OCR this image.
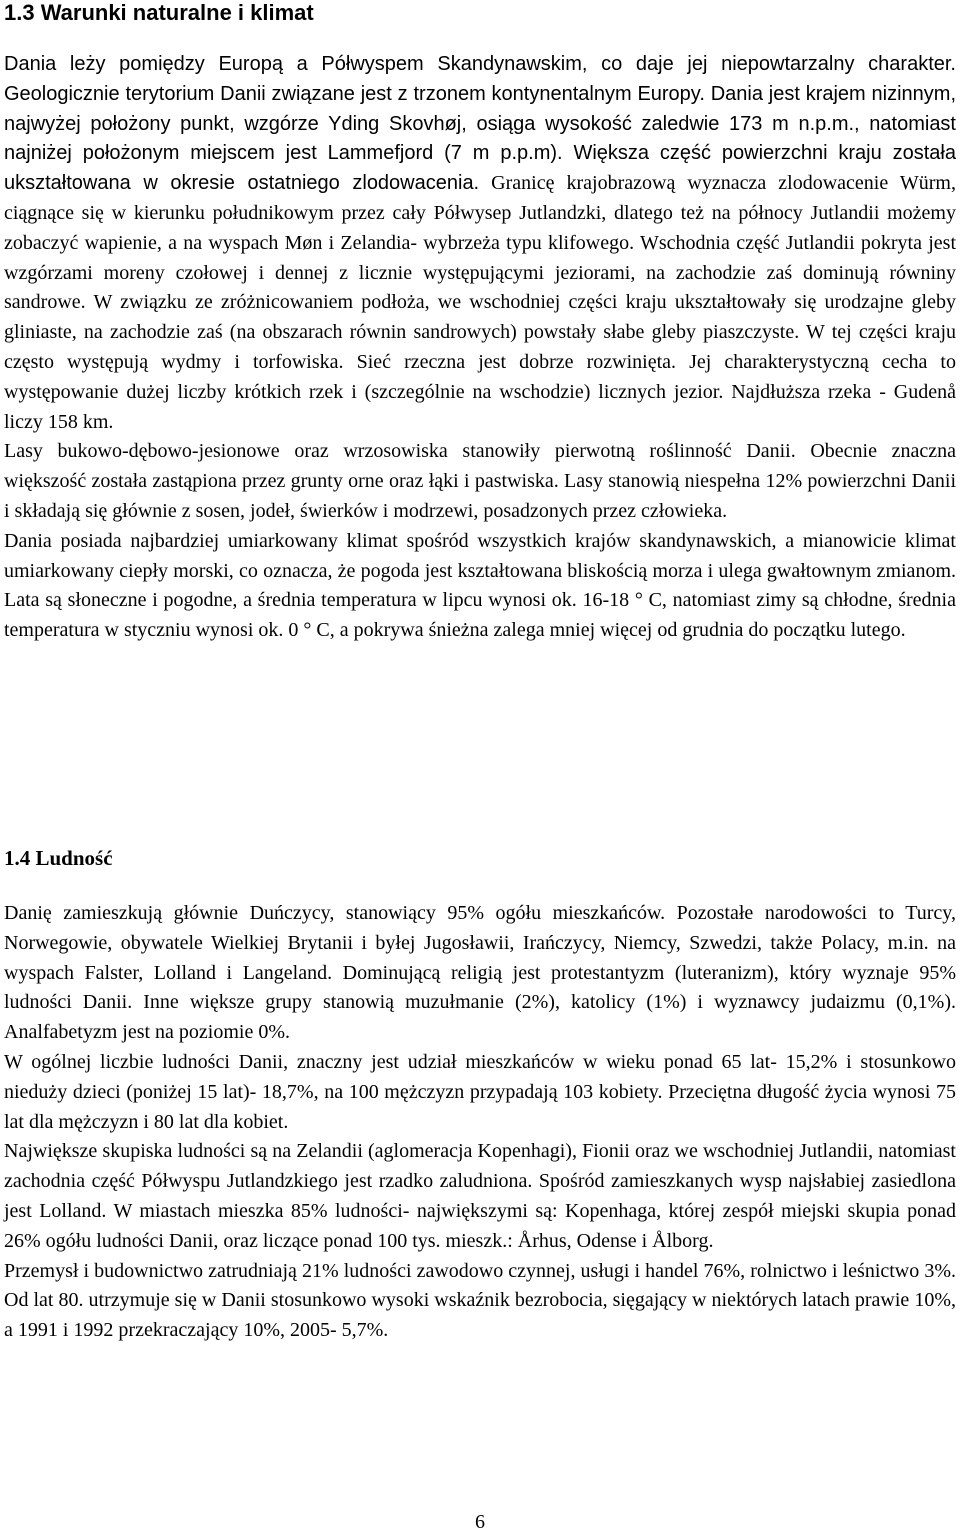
1.3 Warunki naturalne i klimat

Dania leży pomiędzy Europą a Półwyspem Skandynawskim, co daje jej niepowtarzalny charakter. Geologicznie terytorium Danii związane jest z trzonem kontynentalnym Europy. Dania jest krajem nizinnym, najwyżej położony punkt, wzgórze Yding Skovhøj, osiąga wysokość zaledwie 173 m n.p.m., natomiast najniżej położonym miejscem jest Lammefjord (7 m p.p.m). Większa część powierzchni kraju została ukształtowana w okresie ostatniego zlodowacenia. Granicę krajobrazową wyznacza zlodowacenie Würm, ciągnące się w kierunku południkowym przez cały Półwysep Jutlandzki, dlatego też na północy Jutlandii możemy zobaczyć wapienie, a na wyspach Møn i Zelandia- wybrzeża typu klifowego. Wschodnia część Jutlandii pokryta jest wzgórzami moreny czołowej i dennej z licznie występującymi jeziorami, na zachodzie zaś dominują równiny sandrowe. W związku ze zróżnicowaniem podłoża, we wschodniej części kraju ukształtowały się urodzajne gleby gliniaste, na zachodzie zaś (na obszarach równin sandrowych) powstały słabe gleby piaszczyste. W tej części kraju często występują wydmy i torfowiska. Sieć rzeczna jest dobrze rozwinięta. Jej charakterystyczną cecha to występowanie dużej liczby krótkich rzek i (szczególnie na wschodzie) licznych jezior. Najdłuższa rzeka - Gudenå liczy 158 km.

Lasy bukowo-dębowo-jesionowe oraz wrzosowiska stanowiły pierwotną roślinność Danii. Obecnie znaczna większość została zastąpiona przez grunty orne oraz łąki i pastwiska. Lasy stanowią niespełna 12% powierzchni Danii i składają się głównie z sosen, jodeł, świerków i modrzewi, posadzonych przez człowieka.

Dania posiada najbardziej umiarkowany klimat spośród wszystkich krajów skandynawskich, a mianowicie klimat umiarkowany ciepły morski, co oznacza, że pogoda jest kształtowana bliskością morza i ulega gwałtownym zmianom. Lata są słoneczne i pogodne, a średnia temperatura w lipcu wynosi ok. 16-18 ° C, natomiast zimy są chłodne, średnia temperatura w styczniu wynosi ok. 0 ° C, a pokrywa śnieżna zalega mniej więcej od grudnia do początku lutego.

1.4 Ludność

Danię zamieszkują głównie Duńczycy, stanowiący 95% ogółu mieszkańców. Pozostałe narodowości to Turcy, Norwegowie, obywatele Wielkiej Brytanii i byłej Jugosławii, Irańczycy, Niemcy, Szwedzi, także Polacy, m.in. na wyspach Falster, Lolland i Langeland. Dominującą religią jest protestantyzm (luteranizm), który wyznaje 95% ludności Danii. Inne większe grupy stanowią muzułmanie (2%), katolicy (1%) i wyznawcy judaizmu (0,1%). Analfabetyzm jest na poziomie 0%.

W ogólnej liczbie ludności Danii, znaczny jest udział mieszkańców w wieku ponad 65 lat- 15,2% i stosunkowo nieduży dzieci (poniżej 15 lat)- 18,7%, na 100 mężczyzn przypadają 103 kobiety. Przeciętna długość życia wynosi 75 lat dla mężczyzn i 80 lat dla kobiet.

Największe skupiska ludności są na Zelandii (aglomeracja Kopenhagi), Fionii oraz we wschodniej Jutlandii, natomiast zachodnia część Półwyspu Jutlandzkiego jest rzadko zaludniona. Spośród zamieszkanych wysp najsłabiej zasiedlona jest Lolland. W miastach mieszka 85% ludności- największymi są: Kopenhaga, której zespół miejski skupia ponad 26% ogółu ludności Danii, oraz liczące ponad 100 tys. mieszk.: Århus, Odense i Ålborg.

Przemysł i budownictwo zatrudniają 21% ludności zawodowo czynnej, usługi i handel 76%, rolnictwo i leśnictwo 3%. Od lat 80. utrzymuje się w Danii stosunkowo wysoki wskaźnik bezrobocia, sięgający w niektórych latach prawie 10%, a 1991 i 1992 przekraczający 10%, 2005- 5,7%.

6
